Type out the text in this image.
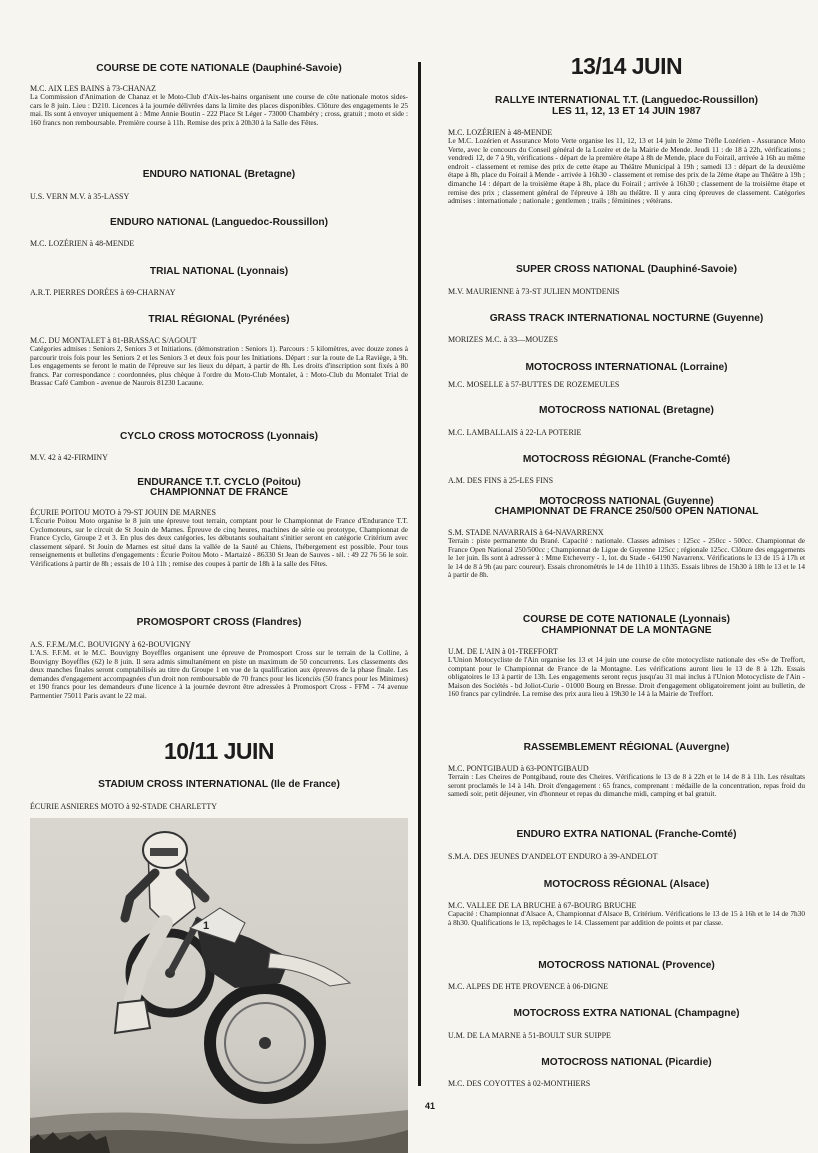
COURSE DE COTE NATIONALE (Dauphiné-Savoie)

M.C. AIX LES BAINS à 73-CHANAZ

La Commission d'Animation de Chanaz et le Moto-Club d'Aix-les-bains organisent une course de côte nationale motos sides-cars le 8 juin. Lieu : D210. Licences à la journée délivrées dans la limite des places disponibles. Clôture des engagements le 25 mai. Ils sont à envoyer uniquement à : Mme Annie Boutin - 222 Place St Léger - 73000 Chambéry ; cross, gratuit ; moto et side : 160 francs non remboursable. Première course à 11h. Remise des prix à 20h30 à la Salle des Fêtes.

ENDURO NATIONAL (Bretagne)

U.S. VERN M.V. à 35-LASSY

ENDURO NATIONAL (Languedoc-Roussillon)

M.C. LOZÉRIEN à 48-MENDE

TRIAL NATIONAL (Lyonnais)

A.R.T. PIERRES DORÉES à 69-CHARNAY

TRIAL RÉGIONAL (Pyrénées)

M.C. DU MONTALET à 81-BRASSAC S/AGOUT

Catégories admises : Seniors 2, Seniors 3 et Initiations. (démonstration : Seniors 1). Parcours : 5 kilomètres, avec douze zones à parcourir trois fois pour les Seniors 2 et les Seniors 3 et deux fois pour les Initiations. Départ : sur la route de La Raviège, à 9h. Les engagements se feront le matin de l'épreuve sur les lieux du départ, à partir de 8h. Les droits d'inscription sont fixés à 80 francs. Par correspondance : coordonnées, plus chèque à l'ordre du Moto-Club Montalet, à : Moto-Club du Montalet Trial de Brassac Café Cambon - avenue de Naurois 81230 Lacaune.

CYCLO CROSS MOTOCROSS (Lyonnais)

M.V. 42 à 42-FIRMINY

ENDURANCE T.T. CYCLO (Poitou)
CHAMPIONNAT DE FRANCE

ÉCURIE POITOU MOTO à 79-ST JOUIN DE MARNES

L'Écurie Poitou Moto organise le 8 juin une épreuve tout terrain, comptant pour le Championnat de France d'Endurance T.T. Cyclomoteurs, sur le circuit de St Jouin de Marnes. Épreuve de cinq heures, machines de série ou prototype, Championnat de France Cyclo, Groupe 2 et 3. En plus des deux catégories, les débutants souhaitant s'initier seront en catégorie Critérium avec classement séparé. St Jouin de Marnes est situé dans la vallée de la Sauté au Chiens, l'hébergement est possible. Pour tous renseignements et bulletins d'engagements : Écurie Poitou Moto - Martaizé - 86330 St Jean de Sauves - tél. : 49 22 76 56 le soir. Vérifications à partir de 8h ; essais de 10 à 11h ; remise des coupes à partir de 18h à la salle des Fêtes.

PROMOSPORT CROSS (Flandres)

A.S. F.F.M./M.C. BOUVIGNY à 62-BOUVIGNY

L'A.S. F.F.M. et le M.C. Bouvigny Boyeffles organisent une épreuve de Promosport Cross sur le terrain de la Colline, à Bouvigny Boyeffles (62) le 8 juin. Il sera admis simultanément en piste un maximum de 50 concurrents. Les classements des deux manches finales seront comptabilisés au titre du Groupe 1 en vue de la qualification aux épreuves de la phase finale. Les demandes d'engagement accompagnées d'un droit non remboursable de 70 francs pour les licenciés (50 francs pour les Minimes) et 190 francs pour les demandeurs d'une licence à la journée devront être adressées à Promosport Cross - FFM - 74 avenue Parmentier 75011 Paris avant le 22 mai.

10/11 JUIN
STADIUM CROSS INTERNATIONAL (Ile de France)

ÉCURIE ASNIERES MOTO à 92-STADE CHARLETTY

1
13/14 JUIN
RALLYE INTERNATIONAL T.T. (Languedoc-Roussillon)
LES 11, 12, 13 ET 14 JUIN 1987

M.C. LOZÉRIEN à 48-MENDE

Le M.C. Lozérien et Assurance Moto Verte organise les 11, 12, 13 et 14 juin le 2ème Trèfle Lozérien - Assurance Moto Verte, avec le concours du Conseil général de la Lozère et de la Mairie de Mende. Jeudi 11 : de 18 à 22h, vérifications ; vendredi 12, de 7 à 9h, vérifications - départ de la première étape à 8h de Mende, place du Foirail, arrivée à 16h au même endroit - classement et remise des prix de cette étape au Théâtre Municipal à 19h ; samedi 13 : départ de la deuxième étape à 8h, place du Foirail à Mende - arrivée à 16h30 - classement et remise des prix de la 2ème étape au Théâtre à 19h ; dimanche 14 : départ de la troisième étape à 8h, place du Foirail ; arrivée à 16h30 ; classement de la troisième étape et remise des prix ; classement général de l'épreuve à 18h au théâtre. Il y aura cinq épreuves de classement. Catégories admises : internationale ; nationale ; gentlemen ; trails ; féminines ; vétérans.

SUPER CROSS NATIONAL (Dauphiné-Savoie)

M.V. MAURIENNE à 73-ST JULIEN MONTDENIS

GRASS TRACK INTERNATIONAL NOCTURNE (Guyenne)

MORIZES M.C. à 33—MOUZES

MOTOCROSS INTERNATIONAL (Lorraine)

M.C. MOSELLE à 57-BUTTES DE ROZEMEULES

MOTOCROSS NATIONAL (Bretagne)

M.C. LAMBALLAIS à 22-LA POTERIE

MOTOCROSS RÉGIONAL (Franche-Comté)

A.M. DES FINS à 25-LES FINS

MOTOCROSS NATIONAL (Guyenne)
CHAMPIONNAT DE FRANCE 250/500 OPEN NATIONAL

S.M. STADE NAVARRAIS à 64-NAVARRENX

Terrain : piste permanente du Brané. Capacité : nationale. Classes admises : 125cc - 250cc - 500cc. Championnat de France Open National 250/500cc ; Championnat de Ligue de Guyenne 125cc ; régionale 125cc. Clôture des engagements le 1er juin. Ils sont à adresser à : Mme Etcheverry - 1, lot. du Stade - 64190 Navarrenx. Vérifications le 13 de 15 à 17h et le 14 de 8 à 9h (au parc coureur). Essais chronométrés le 14 de 11h10 à 11h35. Essais libres de 15h30 à 18h le 13 et le 14 à partir de 8h.

COURSE DE COTE NATIONALE (Lyonnais)
CHAMPIONNAT DE LA MONTAGNE

U.M. DE L'AIN à 01-TREFFORT

L'Union Motocycliste de l'Ain organise les 13 et 14 juin une course de côte motocycliste nationale des «S» de Treffort, comptant pour le Championnat de France de la Montagne. Les vérifications auront lieu le 13 de 8 à 12h. Essais obligatoires le 13 à partir de 13h. Les engagements seront reçus jusqu'au 31 mai inclus à l'Union Motocycliste de l'Ain - Maison des Sociétés - bd Joliot-Curie - 01000 Bourg en Bresse. Droit d'engagement obligatoirement joint au bulletin, de 160 francs par cylindrée. La remise des prix aura lieu à 19h30 le 14 à la Mairie de Treffort.

RASSEMBLEMENT RÉGIONAL (Auvergne)

M.C. PONTGIBAUD à 63-PONTGIBAUD

Terrain : Les Cheires de Pontgibaud, route des Cheires. Vérifications le 13 de 8 à 22h et le 14 de 8 à 11h. Les résultats seront proclamés le 14 à 14h. Droit d'engagement : 65 francs, comprenant : médaille de la concentration, repas froid du samedi soir, petit déjeuner, vin d'honneur et repas du dimanche midi, camping et bal gratuit.

ENDURO EXTRA NATIONAL (Franche-Comté)

S.M.A. DES JEUNES D'ANDELOT ENDURO à 39-ANDELOT

MOTOCROSS RÉGIONAL (Alsace)

M.C. VALLEE DE LA BRUCHE à 67-BOURG BRUCHE

Capacité : Championnat d'Alsace A, Championnat d'Alsace B, Critérium. Vérifications le 13 de 15 à 16h et le 14 de 7h30 à 8h30. Qualifications le 13, repêchages le 14. Classement par addition de points et par classe.

MOTOCROSS NATIONAL (Provence)

M.C. ALPES DE HTE PROVENCE à 06-DIGNE

MOTOCROSS EXTRA NATIONAL (Champagne)

U.M. DE LA MARNE à 51-BOULT SUR SUIPPE

MOTOCROSS NATIONAL (Picardie)

M.C. DES COYOTTES à 02-MONTHIERS

41
